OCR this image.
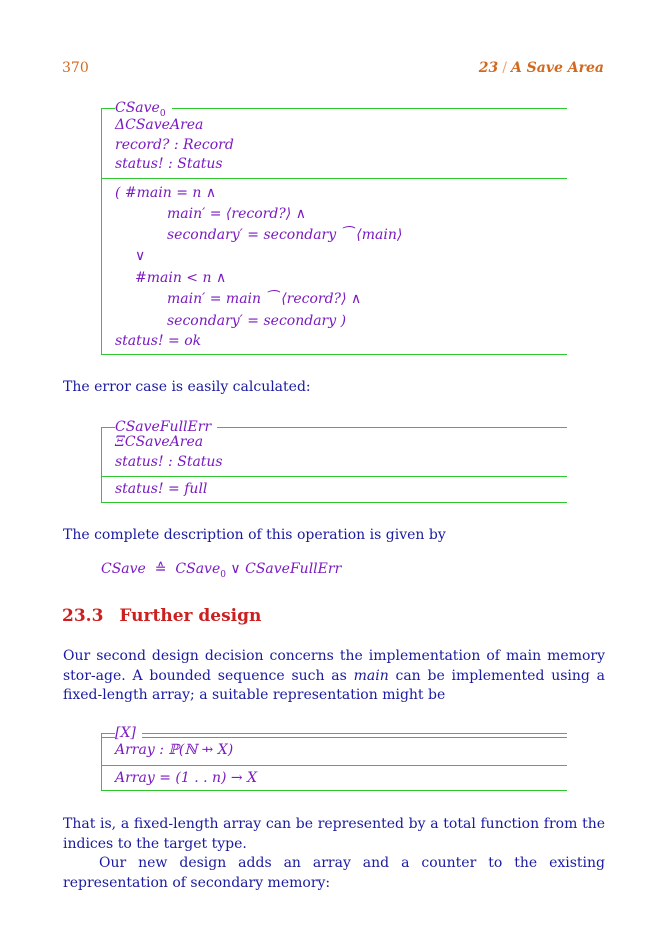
370	23 / A Save Area
CSave$_0$
ΔCSaveArea
record? : Record
status! : Status
( #main = n ∧
main′ = ⟨record?⟩ ∧
secondary′ = secondary ⁀ ⟨main⟩
∨
#main < n ∧
main′ = main ⁀ ⟨record?⟩ ∧
secondary′ = secondary )
status! = ok
The error case is easily calculated:
CSaveFullErr
ΞCSaveArea
status! : Status
status! = full
The complete description of this operation is given by
CSave ≙ CSave$_0$ ∨ CSaveFullErr
23.3 Further design
Our second design decision concerns the implementation of main memory stor-age. A bounded sequence such as main can be implemented using a fixed-length array; a suitable representation might be
[X]
Array : ℙ(ℕ ⇸ X)
Array = (1 . . n) → X
That is, a fixed-length array can be represented by a total function from the indices to the target type.
Our new design adds an array and a counter to the existing representation of secondary memory:
